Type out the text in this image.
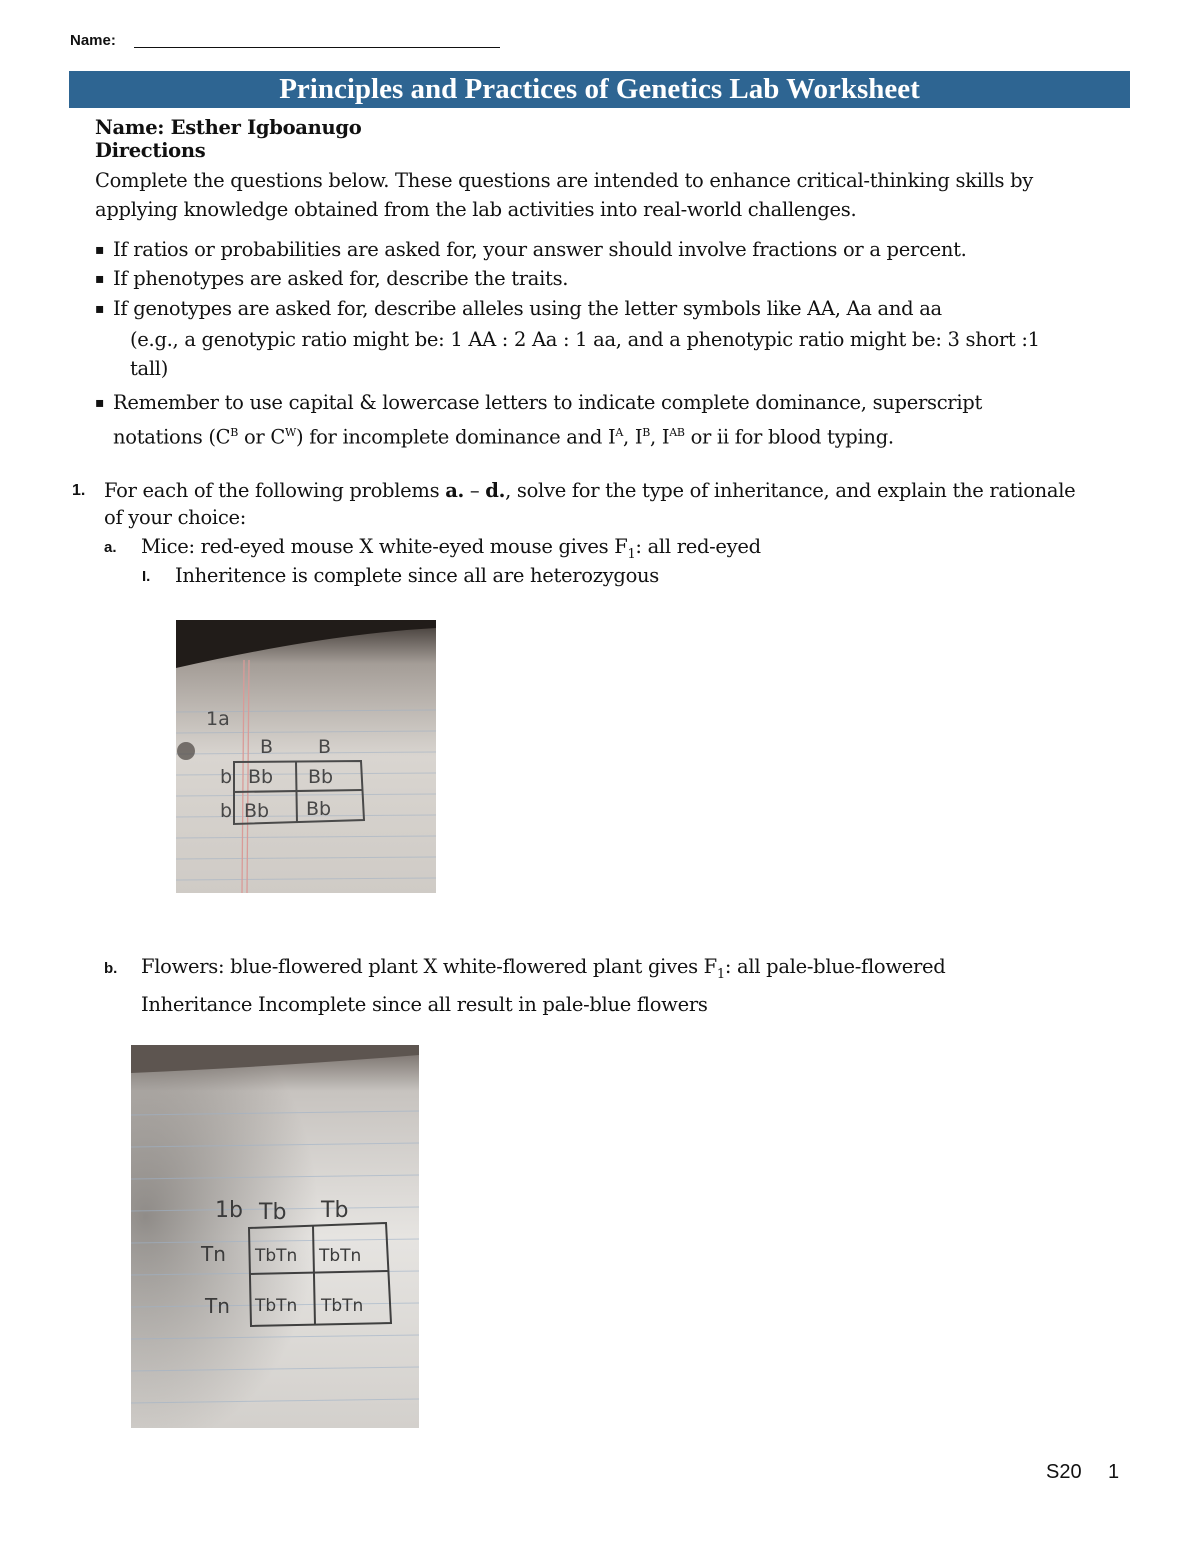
Name:
Principles and Practices of Genetics Lab Worksheet
Name: Esther Igboanugo
Directions
Complete the questions below. These questions are intended to enhance critical-thinking skills by
applying knowledge obtained from the lab activities into real-world challenges.
▪ If ratios or probabilities are asked for, your answer should involve fractions or a percent.
▪ If phenotypes are asked for, describe the traits.
▪ If genotypes are asked for, describe alleles using the letter symbols like AA, Aa and aa
(e.g., a genotypic ratio might be: 1 AA : 2 Aa : 1 aa, and a phenotypic ratio might be: 3 short :1
tall)
▪ Remember to use capital & lowercase letters to indicate complete dominance, superscript
notations ($C^B$ or $C^W$) for incomplete dominance and $I^A$, $I^B$, $I^{AB}$ or ii for blood typing.
1. For each of the following problems a. – d., solve for the type of inheritance, and explain the rationale
of your choice:
a. Mice: red-eyed mouse X white-eyed mouse gives $F_1$: all red-eyed
I. Inheritence is complete since all are heterozygous
1a
B B
b
b
Bb Bb
Bb Bb
b. Flowers: blue-flowered plant X white-flowered plant gives $F_1$: all pale-blue-flowered
Inheritance Incomplete since all result in pale-blue flowers
1b Tb Tb
Tn
Tn
TbTn TbTn
TbTn TbTn
S20 1
